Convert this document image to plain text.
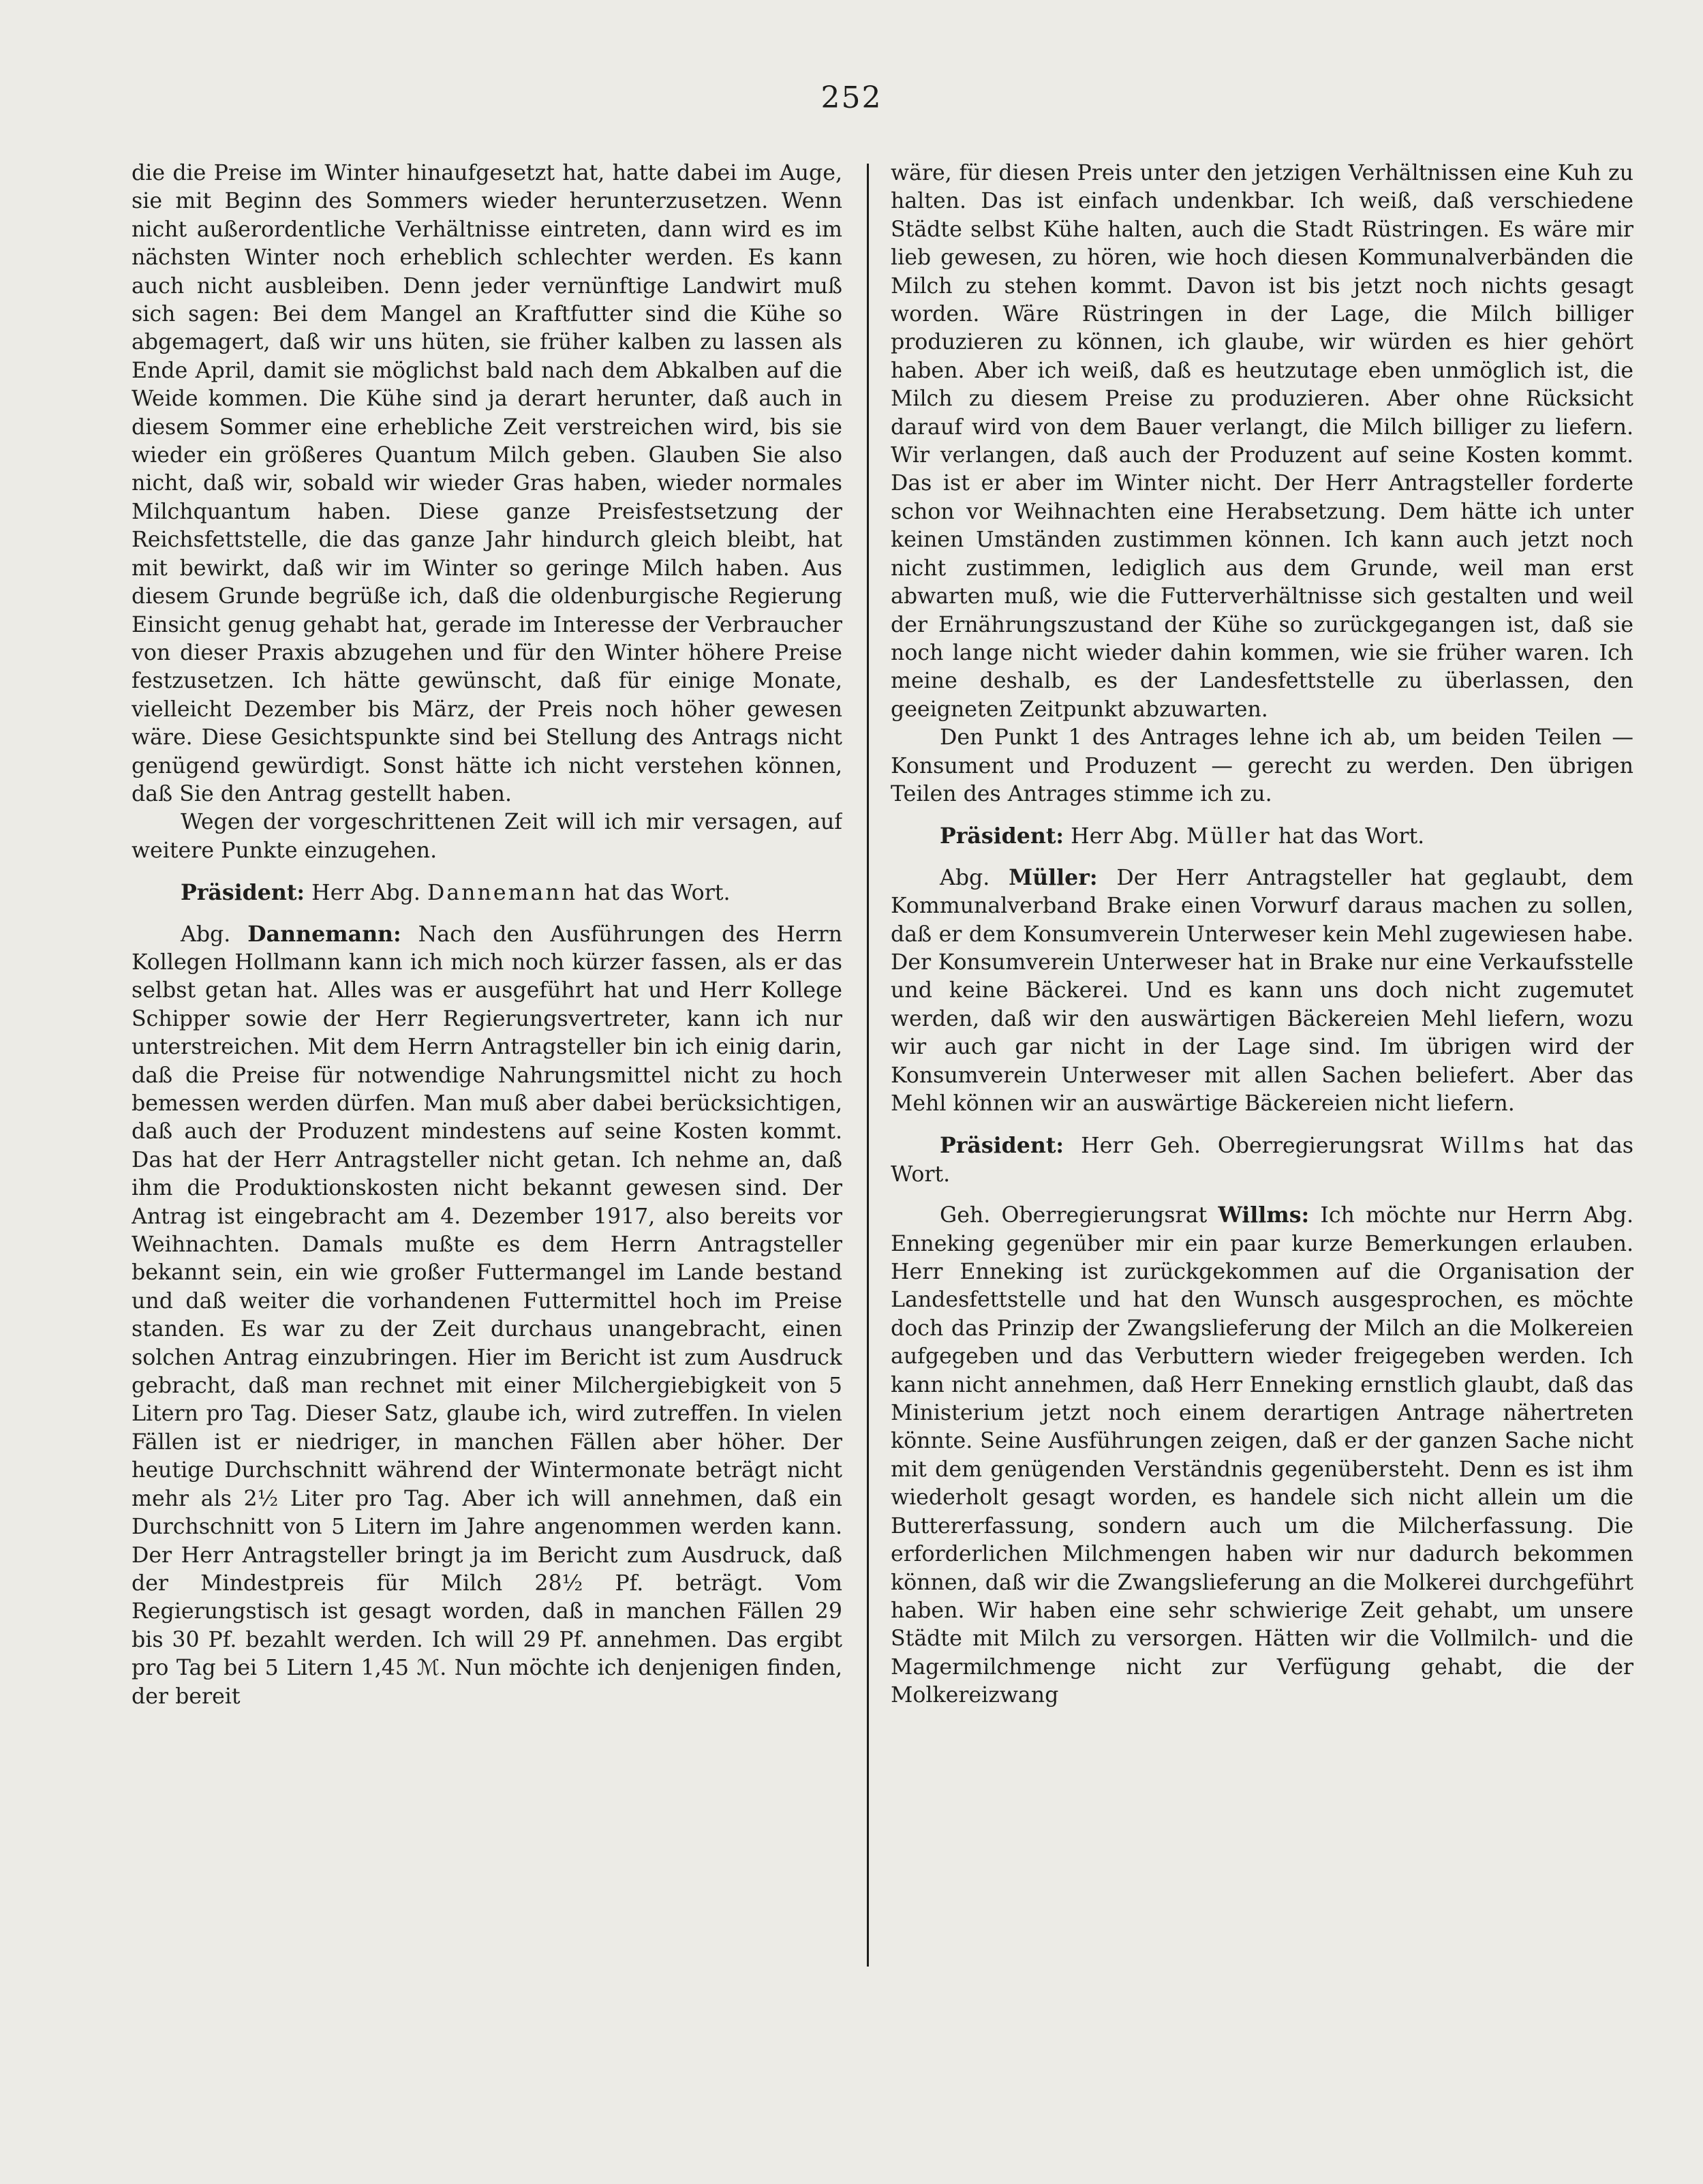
252

die die Preise im Winter hinaufgesetzt hat, hatte dabei im Auge, sie mit Beginn des Sommers wieder herunterzusetzen. Wenn nicht außerordentliche Verhältnisse eintreten, dann wird es im nächsten Winter noch erheblich schlechter werden. Es kann auch nicht ausbleiben. Denn jeder vernünftige Landwirt muß sich sagen: Bei dem Mangel an Kraftfutter sind die Kühe so abgemagert, daß wir uns hüten, sie früher kalben zu lassen als Ende April, damit sie möglichst bald nach dem Abkalben auf die Weide kommen. Die Kühe sind ja derart herunter, daß auch in diesem Sommer eine erhebliche Zeit verstreichen wird, bis sie wieder ein größeres Quantum Milch geben. Glauben Sie also nicht, daß wir, sobald wir wieder Gras haben, wieder normales Milchquantum haben. Diese ganze Preisfestsetzung der Reichsfettstelle, die das ganze Jahr hindurch gleich bleibt, hat mit bewirkt, daß wir im Winter so geringe Milch haben. Aus diesem Grunde begrüße ich, daß die oldenburgische Regierung Einsicht genug gehabt hat, gerade im Interesse der Verbraucher von dieser Praxis abzugehen und für den Winter höhere Preise festzusetzen. Ich hätte gewünscht, daß für einige Monate, vielleicht Dezember bis März, der Preis noch höher gewesen wäre. Diese Gesichtspunkte sind bei Stellung des Antrags nicht genügend gewürdigt. Sonst hätte ich nicht verstehen können, daß Sie den Antrag gestellt haben.

Wegen der vorgeschrittenen Zeit will ich mir versagen, auf weitere Punkte einzugehen.

Präsident: Herr Abg. Dannemann hat das Wort.

Abg. Dannemann: Nach den Ausführungen des Herrn Kollegen Hollmann kann ich mich noch kürzer fassen, als er das selbst getan hat. Alles was er ausgeführt hat und Herr Kollege Schipper sowie der Herr Regierungsvertreter, kann ich nur unterstreichen. Mit dem Herrn Antragsteller bin ich einig darin, daß die Preise für notwendige Nahrungsmittel nicht zu hoch bemessen werden dürfen. Man muß aber dabei berücksichtigen, daß auch der Produzent mindestens auf seine Kosten kommt. Das hat der Herr Antragsteller nicht getan. Ich nehme an, daß ihm die Produktionskosten nicht bekannt gewesen sind. Der Antrag ist eingebracht am 4. Dezember 1917, also bereits vor Weihnachten. Damals mußte es dem Herrn Antragsteller bekannt sein, ein wie großer Futtermangel im Lande bestand und daß weiter die vorhandenen Futtermittel hoch im Preise standen. Es war zu der Zeit durchaus unangebracht, einen solchen Antrag einzubringen. Hier im Bericht ist zum Ausdruck gebracht, daß man rechnet mit einer Milchergiebigkeit von 5 Litern pro Tag. Dieser Satz, glaube ich, wird zutreffen. In vielen Fällen ist er niedriger, in manchen Fällen aber höher. Der heutige Durchschnitt während der Wintermonate beträgt nicht mehr als 2½ Liter pro Tag. Aber ich will annehmen, daß ein Durchschnitt von 5 Litern im Jahre angenommen werden kann. Der Herr Antragsteller bringt ja im Bericht zum Ausdruck, daß der Mindestpreis für Milch 28½ Pf. beträgt. Vom Regierungstisch ist gesagt worden, daß in manchen Fällen 29 bis 30 Pf. bezahlt werden. Ich will 29 Pf. annehmen. Das ergibt pro Tag bei 5 Litern 1,45 ℳ. Nun möchte ich denjenigen finden, der bereit

wäre, für diesen Preis unter den jetzigen Verhältnissen eine Kuh zu halten. Das ist einfach undenkbar. Ich weiß, daß verschiedene Städte selbst Kühe halten, auch die Stadt Rüstringen. Es wäre mir lieb gewesen, zu hören, wie hoch diesen Kommunalverbänden die Milch zu stehen kommt. Davon ist bis jetzt noch nichts gesagt worden. Wäre Rüstringen in der Lage, die Milch billiger produzieren zu können, ich glaube, wir würden es hier gehört haben. Aber ich weiß, daß es heutzutage eben unmöglich ist, die Milch zu diesem Preise zu produzieren. Aber ohne Rücksicht darauf wird von dem Bauer verlangt, die Milch billiger zu liefern. Wir verlangen, daß auch der Produzent auf seine Kosten kommt. Das ist er aber im Winter nicht. Der Herr Antragsteller forderte schon vor Weihnachten eine Herabsetzung. Dem hätte ich unter keinen Umständen zustimmen können. Ich kann auch jetzt noch nicht zustimmen, lediglich aus dem Grunde, weil man erst abwarten muß, wie die Futterverhältnisse sich gestalten und weil der Ernährungszustand der Kühe so zurückgegangen ist, daß sie noch lange nicht wieder dahin kommen, wie sie früher waren. Ich meine deshalb, es der Landesfettstelle zu überlassen, den geeigneten Zeitpunkt abzuwarten.

Den Punkt 1 des Antrages lehne ich ab, um beiden Teilen — Konsument und Produzent — gerecht zu werden. Den übrigen Teilen des Antrages stimme ich zu.

Präsident: Herr Abg. Müller hat das Wort.

Abg. Müller: Der Herr Antragsteller hat geglaubt, dem Kommunalverband Brake einen Vorwurf daraus machen zu sollen, daß er dem Konsumverein Unterweser kein Mehl zugewiesen habe. Der Konsumverein Unterweser hat in Brake nur eine Verkaufsstelle und keine Bäckerei. Und es kann uns doch nicht zugemutet werden, daß wir den auswärtigen Bäckereien Mehl liefern, wozu wir auch gar nicht in der Lage sind. Im übrigen wird der Konsumverein Unterweser mit allen Sachen beliefert. Aber das Mehl können wir an auswärtige Bäckereien nicht liefern.

Präsident: Herr Geh. Oberregierungsrat Willms hat das Wort.

Geh. Oberregierungsrat Willms: Ich möchte nur Herrn Abg. Enneking gegenüber mir ein paar kurze Bemerkungen erlauben. Herr Enneking ist zurückgekommen auf die Organisation der Landesfettstelle und hat den Wunsch ausgesprochen, es möchte doch das Prinzip der Zwangslieferung der Milch an die Molkereien aufgegeben und das Verbuttern wieder freigegeben werden. Ich kann nicht annehmen, daß Herr Enneking ernstlich glaubt, daß das Ministerium jetzt noch einem derartigen Antrage nähertreten könnte. Seine Ausführungen zeigen, daß er der ganzen Sache nicht mit dem genügenden Verständnis gegenübersteht. Denn es ist ihm wiederholt gesagt worden, es handele sich nicht allein um die Buttererfassung, sondern auch um die Milcherfassung. Die erforderlichen Milchmengen haben wir nur dadurch bekommen können, daß wir die Zwangslieferung an die Molkerei durchgeführt haben. Wir haben eine sehr schwierige Zeit gehabt, um unsere Städte mit Milch zu versorgen. Hätten wir die Vollmilch- und die Magermilchmenge nicht zur Verfügung gehabt, die der Molkereizwang
